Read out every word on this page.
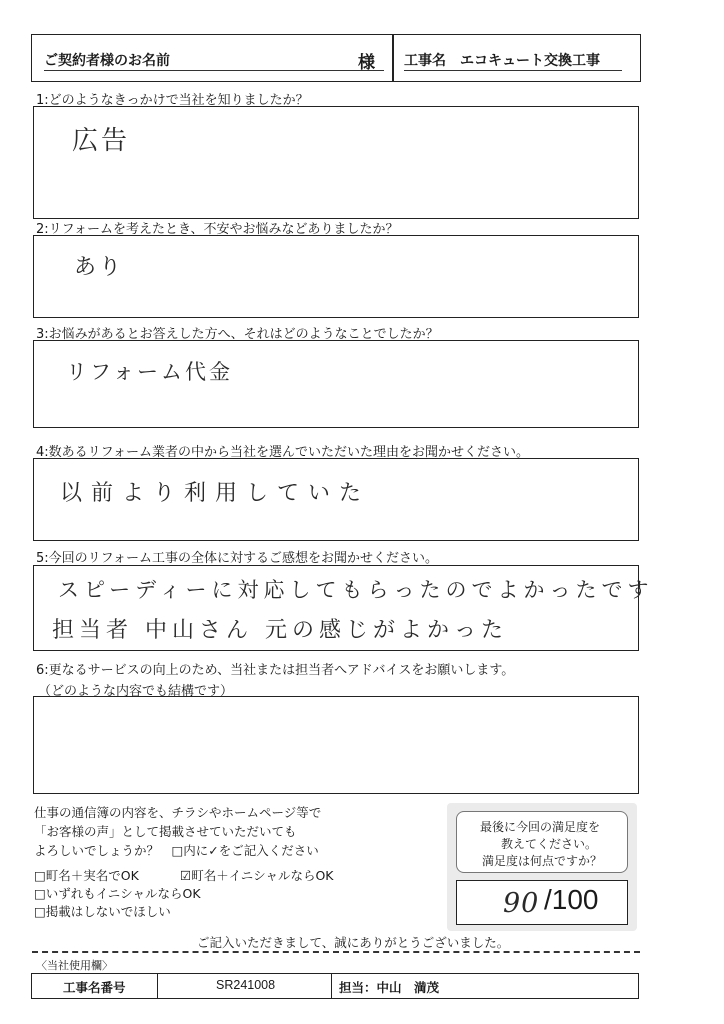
ご契約者様のお名前	様 工事名 エコキュート交換工事
1:どのようなきっかけで当社を知りましたか？
広告
2:リフォームを考えたとき、不安やお悩みなどありましたか？
あり
3:お悩みがあるとお答えした方へ、それはどのようなことでしたか？
リフォーム代金
4:数あるリフォーム業者の中から当社を選んでいただいた理由をお聞かせください。
以前より利用していた
5:今回のリフォーム工事の全体に対するご感想をお聞かせください。
スピーディーに対応してもらったのでよかったです
担当者 中山さん 元の感じがよかった
6:更なるサービスの向上のため、当社または担当者へアドバイスをお願いします。
（どのような内容でも結構です）
仕事の通信簿の内容を、チラシやホームページ等で
「お客様の声」として掲載させていただいても
よろしいでしょうか？　□内に✓をご記入ください
□町名＋実名でOK	☑町名＋イニシャルならOK
□いずれもイニシャルならOK
□掲載はしないでほしい
最後に今回の満足度を
教えてください。
満足度は何点ですか？
90 /100
ご記入いただきまして、誠にありがとうございました。
〈当社使用欄〉
工事名番号	SR241008	担当：中山　満茂
